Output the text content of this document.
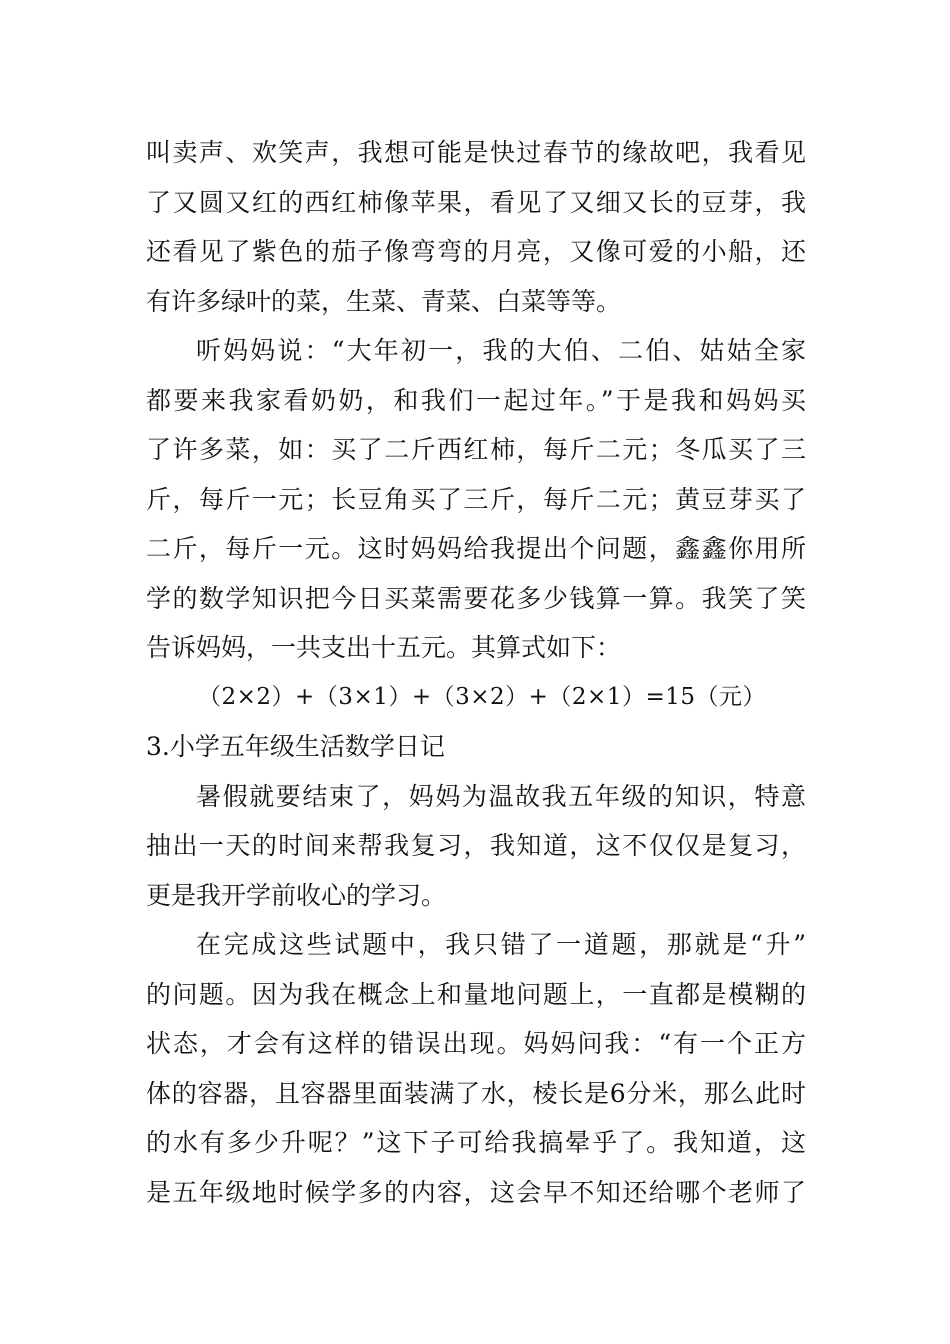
叫卖声、欢笑声，我想可能是快过春节的缘故吧，我看见
了又圆又红的西红柿像苹果，看见了又细又长的豆芽，我
还看见了紫色的茄子像弯弯的月亮，又像可爱的小船，还
有许多绿叶的菜，生菜、青菜、白菜等等。
听妈妈说：“大年初一，我的大伯、二伯、姑姑全家
都要来我家看奶奶，和我们一起过年。”于是我和妈妈买
了许多菜，如：买了二斤西红柿，每斤二元；冬瓜买了三
斤，每斤一元；长豆角买了三斤，每斤二元；黄豆芽买了
二斤，每斤一元。这时妈妈给我提出个问题，鑫鑫你用所
学的数学知识把今日买菜需要花多少钱算一算。我笑了笑
告诉妈妈，一共支出十五元。其算式如下：
（2×2）+（3×1）+（3×2）+（2×1）=15（元）
3.小学五年级生活数学日记
暑假就要结束了，妈妈为温故我五年级的知识，特意
抽出一天的时间来帮我复习，我知道，这不仅仅是复习，
更是我开学前收心的学习。
在完成这些试题中，我只错了一道题，那就是“升”
的问题。因为我在概念上和量地问题上，一直都是模糊的
状态，才会有这样的错误出现。妈妈问我：“有一个正方
体的容器，且容器里面装满了水，棱长是6分米，那么此时
的水有多少升呢？”这下子可给我搞晕乎了。我知道，这
是五年级地时候学多的内容，这会早不知还给哪个老师了
